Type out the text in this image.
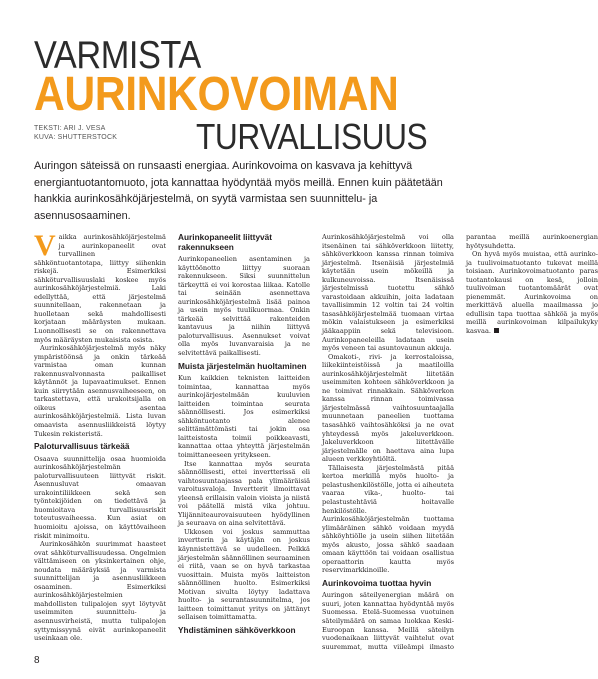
VARMISTA
AURINKOVOIMAN
TURVALLISUUS
TEKSTI: ARI J. VESA
KUVA: SHUTTERSTOCK
Auringon säteissä on runsaasti energiaa. Aurinkovoima on kasvava ja kehittyvä energiantuotantomuoto, jota kannattaa hyödyntää myös meillä. Ennen kuin päätetään hankkia aurinkosähköjärjestelmä, on syytä varmistaa sen suunnittelu- ja asennusosaaminen.

Vaikka aurinkosähköjärjestelmä ja aurinkopaneelit ovat turvallinen sähköntuotantotapa, liittyy siihenkin riskejä. Esimerkiksi sähköturvallisuuslaki koskee myös aurinkosähköjärjestelmiä. Laki edellyttää, että järjestelmä suunnitellaan, rakennetaan ja huolletaan sekä mahdollisesti korjataan määräysten mukaan. Luonnollisesti se on rakennettava myös määräysten mukaisista osista.

Aurinkosähköjärjestelmä myös näky ympäristöönsä ja onkin tärkeää varmistaa oman kunnan rakennusvalvonnasta paikalliset käytännöt ja lupavaatimukset. Ennen kuin siirrytään asennusvaiheeseen, on tarkastettava, että urakoitsijalla on oikeus asentaa aurinkosähköjärjestelmiä. Lista luvan omaavista asennusliikkeistä löytyy Tukesin rekisteristä.

Paloturvallisuus tärkeää

Osaava suunnittelija osaa huomioida aurinkosähköjärjestelmän paloturvallisuuteen liittyvät riskit. Asennusluvat omaavan urakointiliikkeen sekä sen työntekijöiden on tiedettävä ja huomioitava turvallisuusriskit toteutusvaiheessa. Kun asiat on huomioitu ajoissa, on käyttövaiheen riskit minimoitu.

Aurinkosähkön suurimmat haasteet ovat sähköturvallisuudessa. Ongelmien välttämiseen on yksinkertainen ohje, noudata määräyksiä ja varmista suunnittelijan ja asennusliikkeen osaaminen. Esimerkiksi aurinkosähköjärjestelmien mahdollisten tulipalojen syyt löytyvät useimmiten suunnittelu- ja asennusvirheistä, mutta tulipalojen syttymissyynä eivät aurinkopaneelit useinkaan ole.

Aurinkopaneelit liittyvät rakennukseen

Aurinkopaneelien asentaminen ja käyttöönotto liittyy suoraan rakennukseen. Siksi suunnittelun tärkeyttä ei voi korostaa liikaa. Katolle tai seinään asennettava aurinkosähköjärjestelmä lisää painoa ja usein myös tuulikuormaa. Onkin tärkeää selvittää rakenteiden kantavuus ja niihin liittyvä paloturvallisuus. Asennukset voivat olla myös luvanvaraisia ja ne selvitettävä paikallisesti.

Muista järjestelmän huoltaminen

Kun kaikkien teknisten laitteiden toimintaa, kannattaa myös aurinkojärjestelmään kuuluvien laitteiden toimintaa seurata säännöllisesti. Jos esimerkiksi sähköntuotanto alenee selittämättömästi tai jokin osa laitteistosta toimii poikkeavasti, kannattaa ottaa yhteyttä järjestelmän toimittaneeseen yritykseen.

Itse kannattaa myös seurata säännöllisesti, ettei invertterissä eli vaihtosuuntaajassa pala ylimääräisiä varoitusvaloja. Invertterit ilmoittavat yleensä erillaisin valoin vioista ja niistä voi päätellä mistä vika johtuu. Ylijänniteaurovaisuuteen hyödyllinen ja seuraava on aina selvitettävä.

Ukkosen voi joskus sammuttaa invertterin ja käytäjän on joskus käynnistettävä se uudelleen. Pelkkä järjestelmän säännöllinen seuraaminen ei riitä, vaan se on hyvä tarkastaa vuosittain. Muista myös laitteiston säännöllinen huolto. Esimerkiksi Motivan sivulta löytyy ladattava huolto- ja seurantasuunnitelma, jos laitteen toimittanut yritys on jättänyt sellaisen toimittamatta.

Yhdistäminen sähköverkkoon

Aurinkosähköjärjestelmä voi olla itsenäinen tai sähköverkkoon liitetty, sähköverkkoon kanssa rinnan toimiva järjestelmä. Itsenäisiä järjestelmiä käytetään usein mökeillä ja kulkuneuvoissa. Itsenäisissä järjestelmissä tuotettu sähkö varastoidaan akkuihin, joita ladataan tavallisimmin 12 voltin tai 24 voltin tasasähköjärjestelmää tuomaan virtaa mökin valaistukseen ja esimerkiksi jääkaappiin sekä televisioon. Aurinkopaneeleilla ladataan usein myös veneen tai asuntovaunun akkuja.

Omakoti-, rivi- ja kerrostaloissa, liikekiinteistöissä ja maatiloilla aurinkosähköjärjestelmät liitetään useimmiten kohteen sähköverkkoon ja ne toimivat rinnakkain. Sähköverkon kanssa rinnan toimivassa järjestelmässä vaihtosuuntaajalla muunnetaan paneelien tuottama tasasähkö vaihtosähköksi ja ne ovat yhteydessä myös jakeluverkkoon. Jakeluverkkoon liitettävälle järjestelmälle on haettava aina lupa alueen verkkoyhtiöltä.

Tällaisesta järjestelmästä pitää kertoa merkillä myös huolto- ja pelastushenkilöstölle, jotta ei aiheuteta vaaraa vika-, huolto- tai pelastustehtäviä hoitavalle henkilöstölle. Aurinkosähköjärjestelmän tuottama ylimääräinen sähkö voidaan myydä sähköyhtiölle ja usein siihen liitetään myös akusto, jossa sähkö saadaan omaan käyttöön tai voidaan osallistua operaattorin kautta myös reservimarkkinoille.

Aurinkovoima tuottaa hyvin

Auringon säteilyenergian määrä on suuri, joten kannattaa hyödyntää myös Suomessa. Etelä-Suomessa vuotuinen säteilymäärä on samaa luokkaa Keski-Euroopan kanssa. Meillä säteilyn vuodenaikaan liittyvät vaihtelut ovat suuremmat, mutta viileämpi ilmasto parantaa meillä aurinkoenergian hyötysuhdetta.

On hyvä myös muistaa, että aurinko- ja tuulivoimatuotanto tukevat meillä toisiaan. Aurinkovoimatuotanto paras tuotantokausi on kesä, jolloin tuulivoiman tuotantomäärät ovat pienemmät. Aurinkovoima on merkittävä aluella maailmassa jo edullisin tapa tuottaa sähköä ja myös meillä aurinkovoiman kilpailukyky kasvaa.

8
